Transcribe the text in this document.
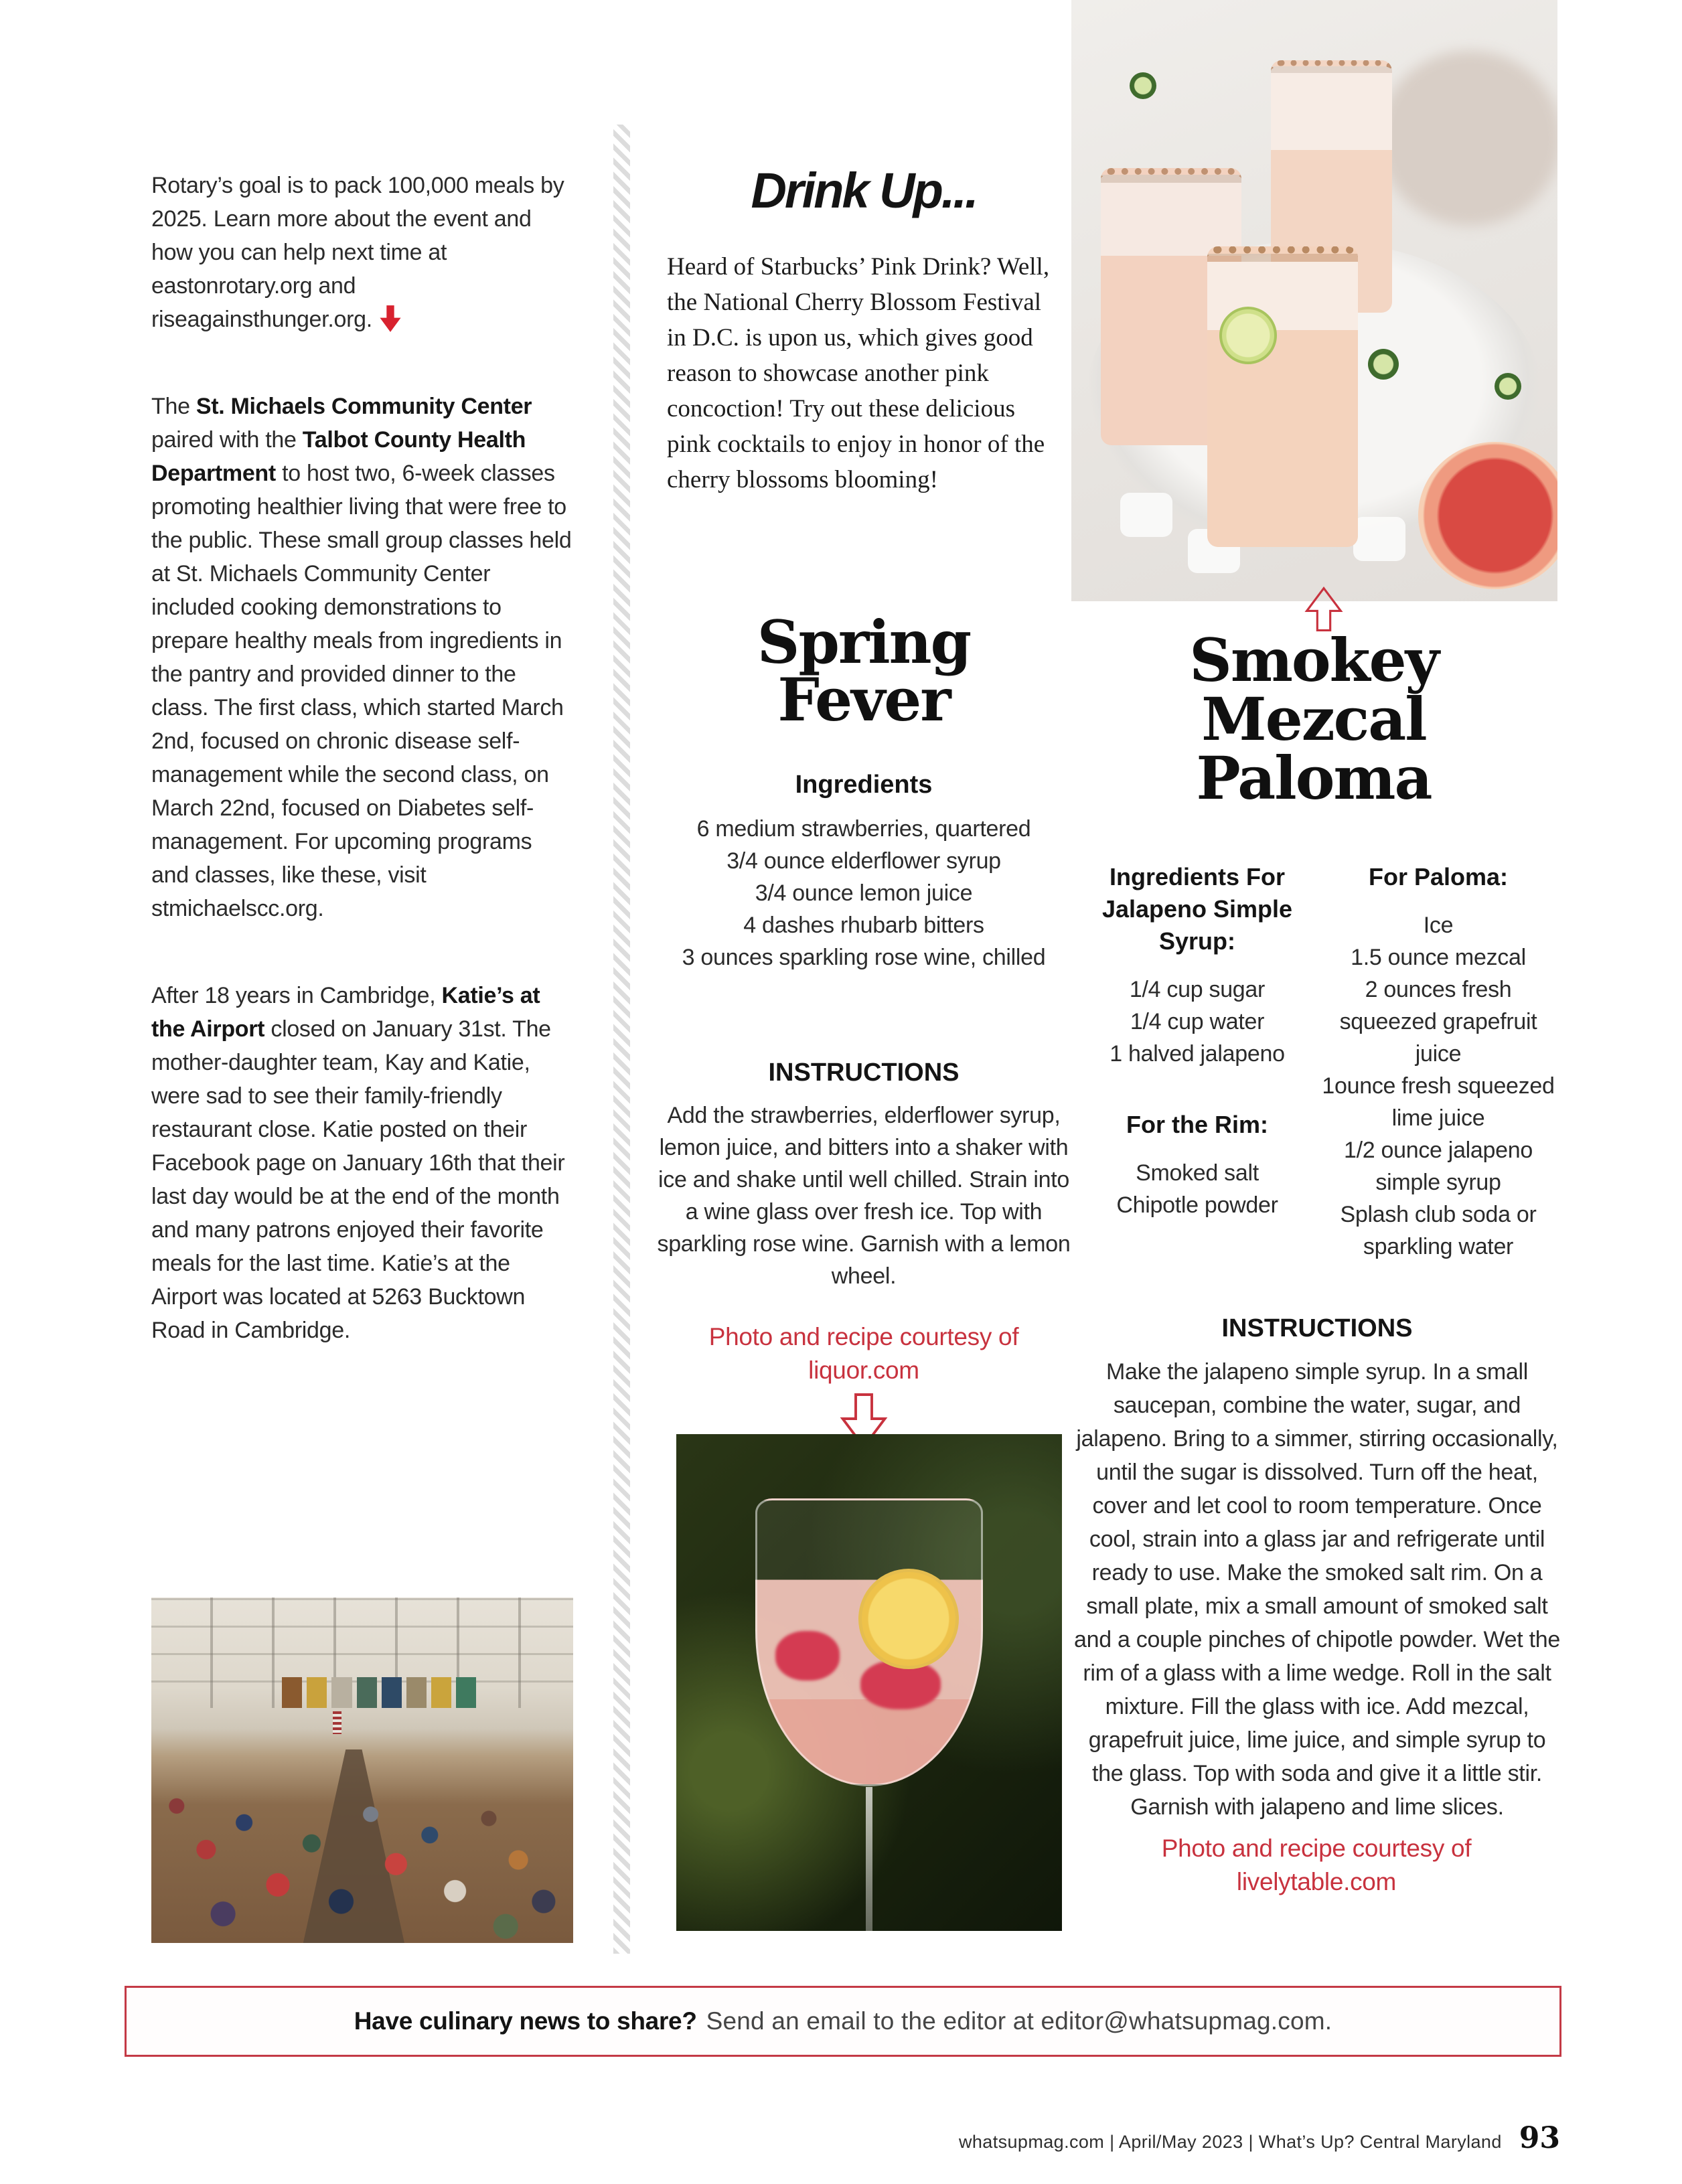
Rotary’s goal is to pack 100,000 meals by 2025. Learn more about the event and how you can help next time at eastonrotary.org and riseagainsthunger.org.

The St. Michaels Community Center paired with the Talbot County Health Department to host two, 6-week classes promoting healthier living that were free to the public. These small group classes held at St. Michaels Community Center included cooking demonstrations to prepare healthy meals from ingredients in the pantry and provided dinner to the class. The first class, which started March 2nd, focused on chronic disease self-management while the second class, on March 22nd, focused on Diabetes self-management. For upcoming programs and classes, like these, visit stmichaelscc.org.

After 18 years in Cambridge, Katie’s at the Airport closed on January 31st. The mother-daughter team, Kay and Katie, were sad to see their family-friendly restaurant close. Katie posted on their Facebook page on January 16th that their last day would be at the end of the month and many patrons enjoyed their favorite meals for the last time. Katie’s at the Airport was located at 5263 Bucktown Road in Cambridge.

Drink Up...
Heard of Starbucks’ Pink Drink? Well, the National Cherry Blossom Festival in D.C. is upon us, which gives good reason to showcase another pink concoction! Try out these delicious pink cocktails to enjoy in honor of the cherry blossoms blooming!
Spring
Fever
Ingredients
6 medium strawberries, quartered
3/4 ounce elderflower syrup
3/4 ounce lemon juice
4 dashes rhubarb bitters
3 ounces sparkling rose wine, chilled
INSTRUCTIONS
Add the strawberries, elderflower syrup, lemon juice, and bitters into a shaker with ice and shake until well chilled. Strain into a wine glass over fresh ice. Top with sparkling rose wine. Garnish with a lemon wheel.
Photo and recipe courtesy of liquor.com
Smokey
Mezcal
Paloma
Ingredients For Jalapeno Simple Syrup:
1/4 cup sugar
1/4 cup water
1 halved jalapeno
For the Rim:
Smoked salt
Chipotle powder
For Paloma:
Ice
1.5 ounce mezcal
2 ounces fresh squeezed grapefruit juice
1ounce fresh squeezed lime juice
1/2 ounce jalapeno simple syrup
Splash club soda or sparkling water
INSTRUCTIONS
Make the jalapeno simple syrup. In a small saucepan, combine the water, sugar, and jalapeno. Bring to a simmer, stirring occasionally, until the sugar is dissolved. Turn off the heat, cover and let cool to room temperature. Once cool, strain into a glass jar and refrigerate until ready to use. Make the smoked salt rim. On a small plate, mix a small amount of smoked salt and a couple pinches of chipotle powder. Wet the rim of a glass with a lime wedge. Roll in the salt mixture. Fill the glass with ice. Add mezcal, grapefruit juice, lime juice, and simple syrup to the glass. Top with soda and give it a little stir. Garnish with jalapeno and lime slices.
Photo and recipe courtesy of livelytable.com
Have culinary news to share? Send an email to the editor at editor@whatsupmag.com.
whatsupmag.com | April/May 2023 | What’s Up? Central Maryland 93
